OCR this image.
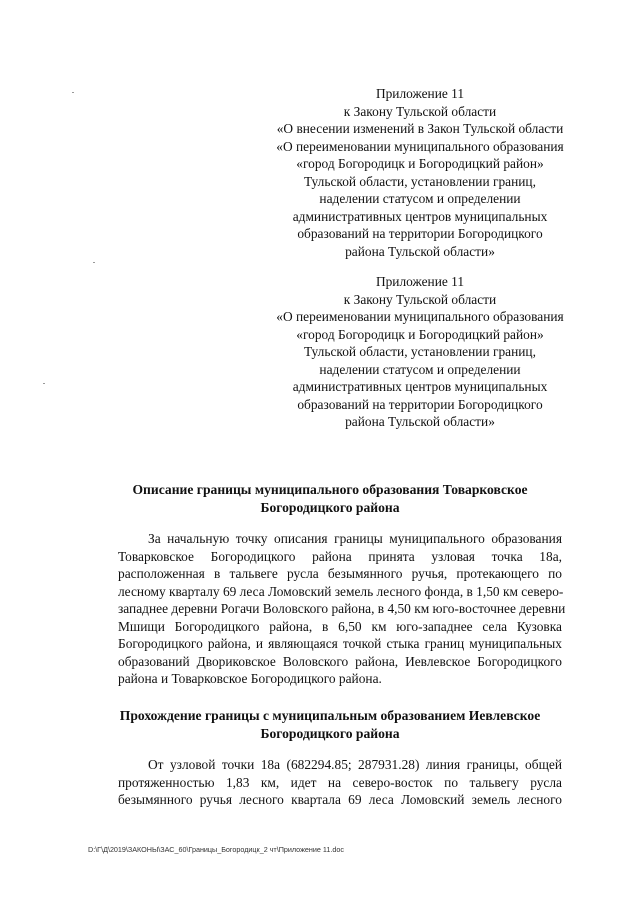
Приложение 11
к Закону Тульской области
«О внесении изменений в Закон Тульской области
«О переименовании муниципального образования
«город Богородицк и Богородицкий район»
Тульской области, установлении границ,
наделении статусом и определении
административных центров муниципальных
образований на территории Богородицкого
района Тульской области»
Приложение 11
к Закону Тульской области
«О переименовании муниципального образования
«город Богородицк и Богородицкий район»
Тульской области, установлении границ,
наделении статусом и определении
административных центров муниципальных
образований на территории Богородицкого
района Тульской области»
Описание границы муниципального образования Товарковское
Богородицкого района
За начальную точку описания границы муниципального образования
Товарковское Богородицкого района принята узловая точка 18а,
расположенная в тальвеге русла безымянного ручья, протекающего по
лесному кварталу 69 леса Ломовский земель лесного фонда, в 1,50 км северо-
западнее деревни Рогачи Воловского района, в 4,50 км юго-восточнее деревни
Мшищи Богородицкого района, в 6,50 км юго-западнее села Кузовка
Богородицкого района, и являющаяся точкой стыка границ муниципальных
образований Двориковское Воловского района, Иевлевское Богородицкого
района и Товарковское Богородицкого района.
Прохождение границы с муниципальным образованием Иевлевское
Богородицкого района
От узловой точки 18а (682294.85; 287931.28) линия границы, общей
протяженностью 1,83 км, идет на северо-восток по тальвегу русла
безымянного ручья лесного квартала 69 леса Ломовский земель лесного
D:\Г\Д\2019\ЗАКОНЫ\ЗАС_60\Границы_Богородицк_2 чт\Приложение 11.doc
